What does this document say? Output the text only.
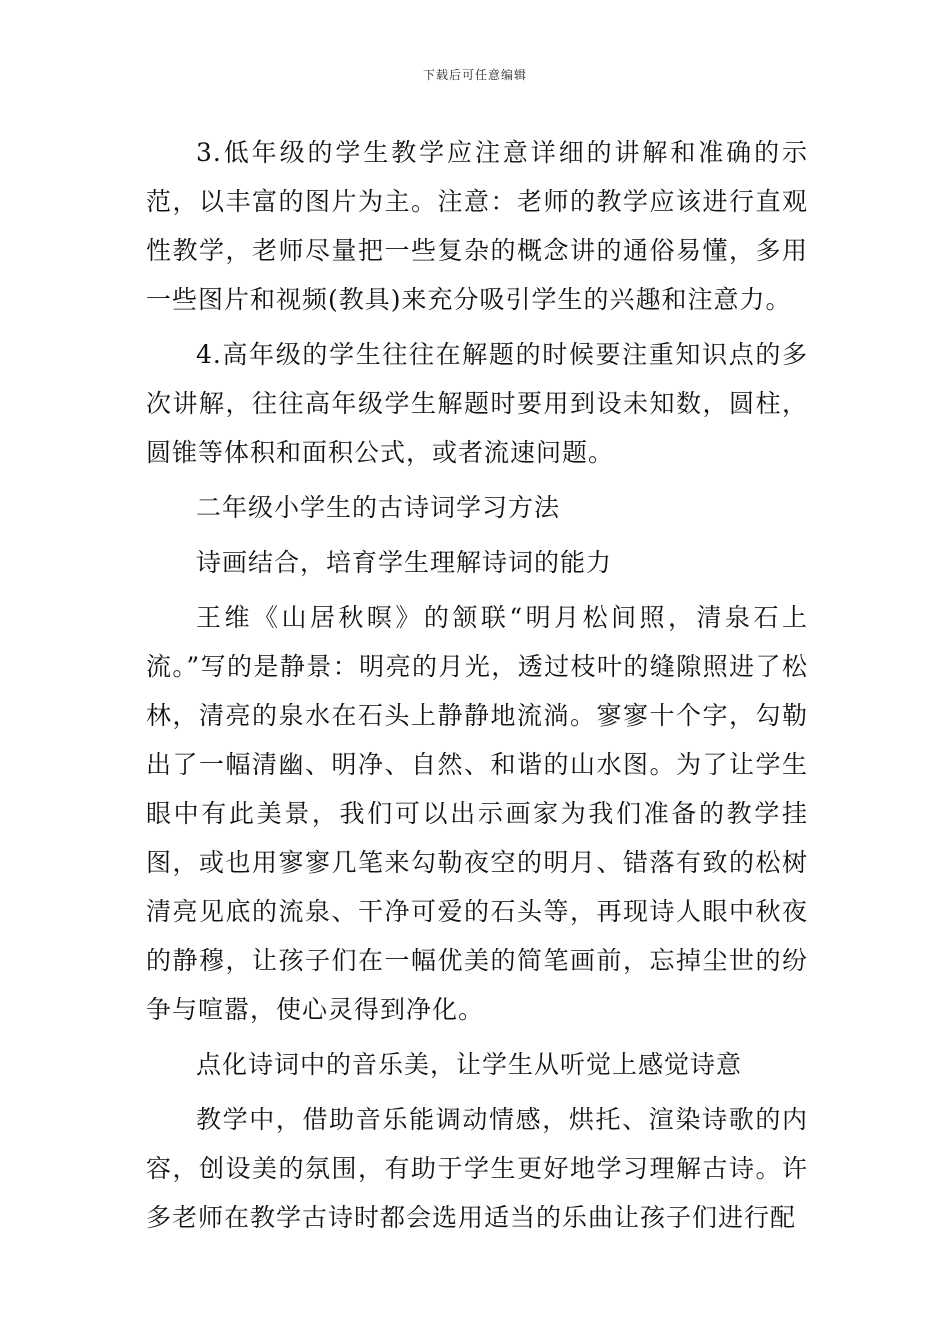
下载后可任意编辑

3.低年级的学生教学应注意详细的讲解和准确的示范，以丰富的图片为主。注意：老师的教学应该进行直观性教学，老师尽量把一些复杂的概念讲的通俗易懂，多用一些图片和视频(教具)来充分吸引学生的兴趣和注意力。

4.高年级的学生往往在解题的时候要注重知识点的多次讲解，往往高年级学生解题时要用到设未知数，圆柱，圆锥等体积和面积公式，或者流速问题。

二年级小学生的古诗词学习方法

诗画结合，培育学生理解诗词的能力

王维《山居秋暝》的颔联“明月松间照，清泉石上流。”写的是静景：明亮的月光，透过枝叶的缝隙照进了松林，清亮的泉水在石头上静静地流淌。寥寥十个字，勾勒出了一幅清幽、明净、自然、和谐的山水图。为了让学生眼中有此美景，我们可以出示画家为我们准备的教学挂图，或也用寥寥几笔来勾勒夜空的明月、错落有致的松树清亮见底的流泉、干净可爱的石头等，再现诗人眼中秋夜的静穆，让孩子们在一幅优美的简笔画前，忘掉尘世的纷争与喧嚣，使心灵得到净化。

点化诗词中的音乐美，让学生从听觉上感觉诗意

教学中，借助音乐能调动情感，烘托、渲染诗歌的内容，创设美的氛围，有助于学生更好地学习理解古诗。许多老师在教学古诗时都会选用适当的乐曲让孩子们进行配
